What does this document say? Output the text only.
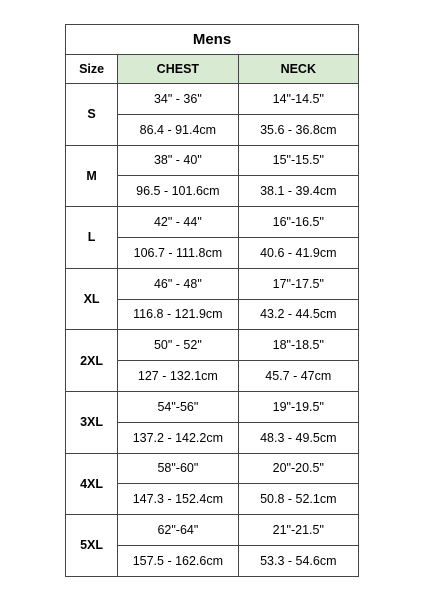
Mens		
Size	CHEST	NECK
S	34" - 36"	14"-14.5"
	86.4 - 91.4cm	35.6 - 36.8cm
M	38" - 40"	15"-15.5"
	96.5 - 101.6cm	38.1 - 39.4cm
L	42" - 44"	16"-16.5"
	106.7 - 111.8cm	40.6 - 41.9cm
XL	46" - 48"	17"-17.5"
	116.8 - 121.9cm	43.2 - 44.5cm
2XL	50" - 52"	18"-18.5"
	127 - 132.1cm	45.7 - 47cm
3XL	54"-56"	19"-19.5"
	137.2 - 142.2cm	48.3 - 49.5cm
4XL	58"-60"	20"-20.5"
	147.3 - 152.4cm	50.8 - 52.1cm
5XL	62"-64"	21"-21.5"
	157.5 - 162.6cm	53.3 - 54.6cm
